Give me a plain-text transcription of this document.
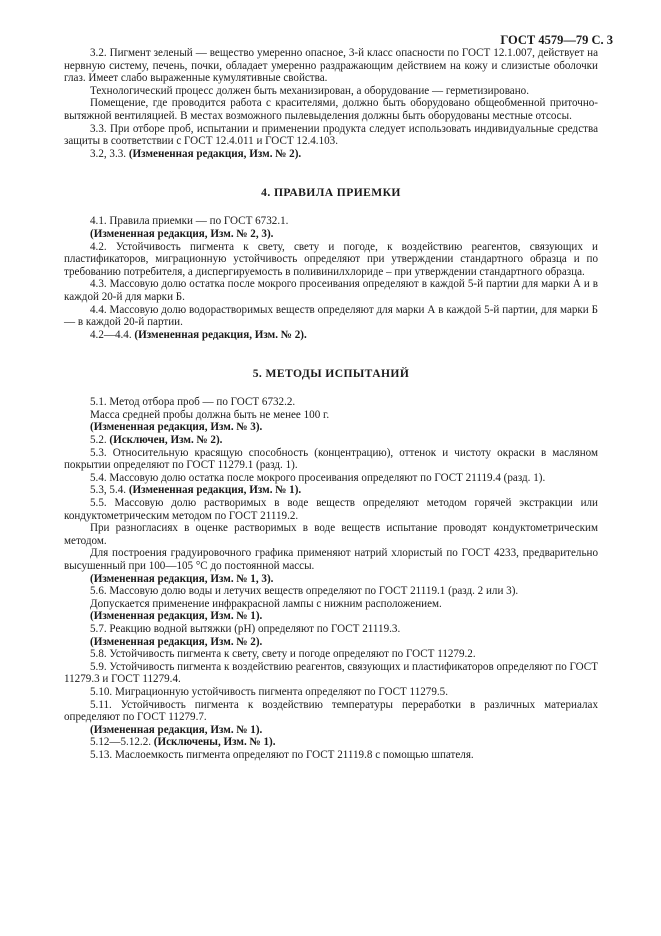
ГОСТ 4579—79 С. 3

3.2. Пигмент зеленый — вещество умеренно опасное, 3-й класс опасности по ГОСТ 12.1.007, действует на нервную систему, печень, почки, обладает умеренно раздражающим действием на кожу и слизистые оболочки глаз. Имеет слабо выраженные кумулятивные свойства.

Технологический процесс должен быть механизирован, а оборудование — герметизировано.

Помещение, где проводится работа с красителями, должно быть оборудовано общеобменной приточно-вытяжной вентиляцией. В местах возможного пылевыделения должны быть оборудованы местные отсосы.

3.3. При отборе проб, испытании и применении продукта следует использовать индивидуальные средства защиты в соответствии с ГОСТ 12.4.011 и ГОСТ 12.4.103.

3.2, 3.3. (Измененная редакция, Изм. № 2).

4. ПРАВИЛА ПРИЕМКИ

4.1. Правила приемки — по ГОСТ 6732.1.

(Измененная редакция, Изм. № 2, 3).

4.2. Устойчивость пигмента к свету, свету и погоде, к воздействию реагентов, связующих и пластификаторов, миграционную устойчивость определяют при утверждении стандартного образца и по требованию потребителя, а диспергируемость в поливинилхлориде – при утверждении стандартного образца.

4.3. Массовую долю остатка после мокрого просеивания определяют в каждой 5-й партии для марки А и в каждой 20-й для марки Б.

4.4. Массовую долю водорастворимых веществ определяют для марки А в каждой 5-й партии, для марки Б — в каждой 20-й партии.

4.2—4.4. (Измененная редакция, Изм. № 2).

5. МЕТОДЫ ИСПЫТАНИЙ

5.1. Метод отбора проб — по ГОСТ 6732.2.

Масса средней пробы должна быть не менее 100 г.

(Измененная редакция, Изм. № 3).

5.2. (Исключен, Изм. № 2).

5.3. Относительную красящую способность (концентрацию), оттенок и чистоту окраски в масляном покрытии определяют по ГОСТ 11279.1 (разд. 1).

5.4. Массовую долю остатка после мокрого просеивания определяют по ГОСТ 21119.4 (разд. 1).

5.3, 5.4. (Измененная редакция, Изм. № 1).

5.5. Массовую долю растворимых в воде веществ определяют методом горячей экстракции или кондуктометрическим методом по ГОСТ 21119.2.

При разногласиях в оценке растворимых в воде веществ испытание проводят кондуктометрическим методом.

Для построения градуировочного графика применяют натрий хлористый по ГОСТ 4233, предварительно высушенный при 100—105 °С до постоянной массы.

(Измененная редакция, Изм. № 1, 3).

5.6. Массовую долю воды и летучих веществ определяют по ГОСТ 21119.1 (разд. 2 или 3).

Допускается применение инфракрасной лампы с нижним расположением.

(Измененная редакция, Изм. № 1).

5.7. Реакцию водной вытяжки (pH) определяют по ГОСТ 21119.3.

(Измененная редакция, Изм. № 2).

5.8. Устойчивость пигмента к свету, свету и погоде определяют по ГОСТ 11279.2.

5.9. Устойчивость пигмента к воздействию реагентов, связующих и пластификаторов определяют по ГОСТ 11279.3 и ГОСТ 11279.4.

5.10. Миграционную устойчивость пигмента определяют по ГОСТ 11279.5.

5.11. Устойчивость пигмента к воздействию температуры переработки в различных материалах определяют по ГОСТ 11279.7.

(Измененная редакция, Изм. № 1).

5.12—5.12.2. (Исключены, Изм. № 1).

5.13. Маслоемкость пигмента определяют по ГОСТ 21119.8 с помощью шпателя.
